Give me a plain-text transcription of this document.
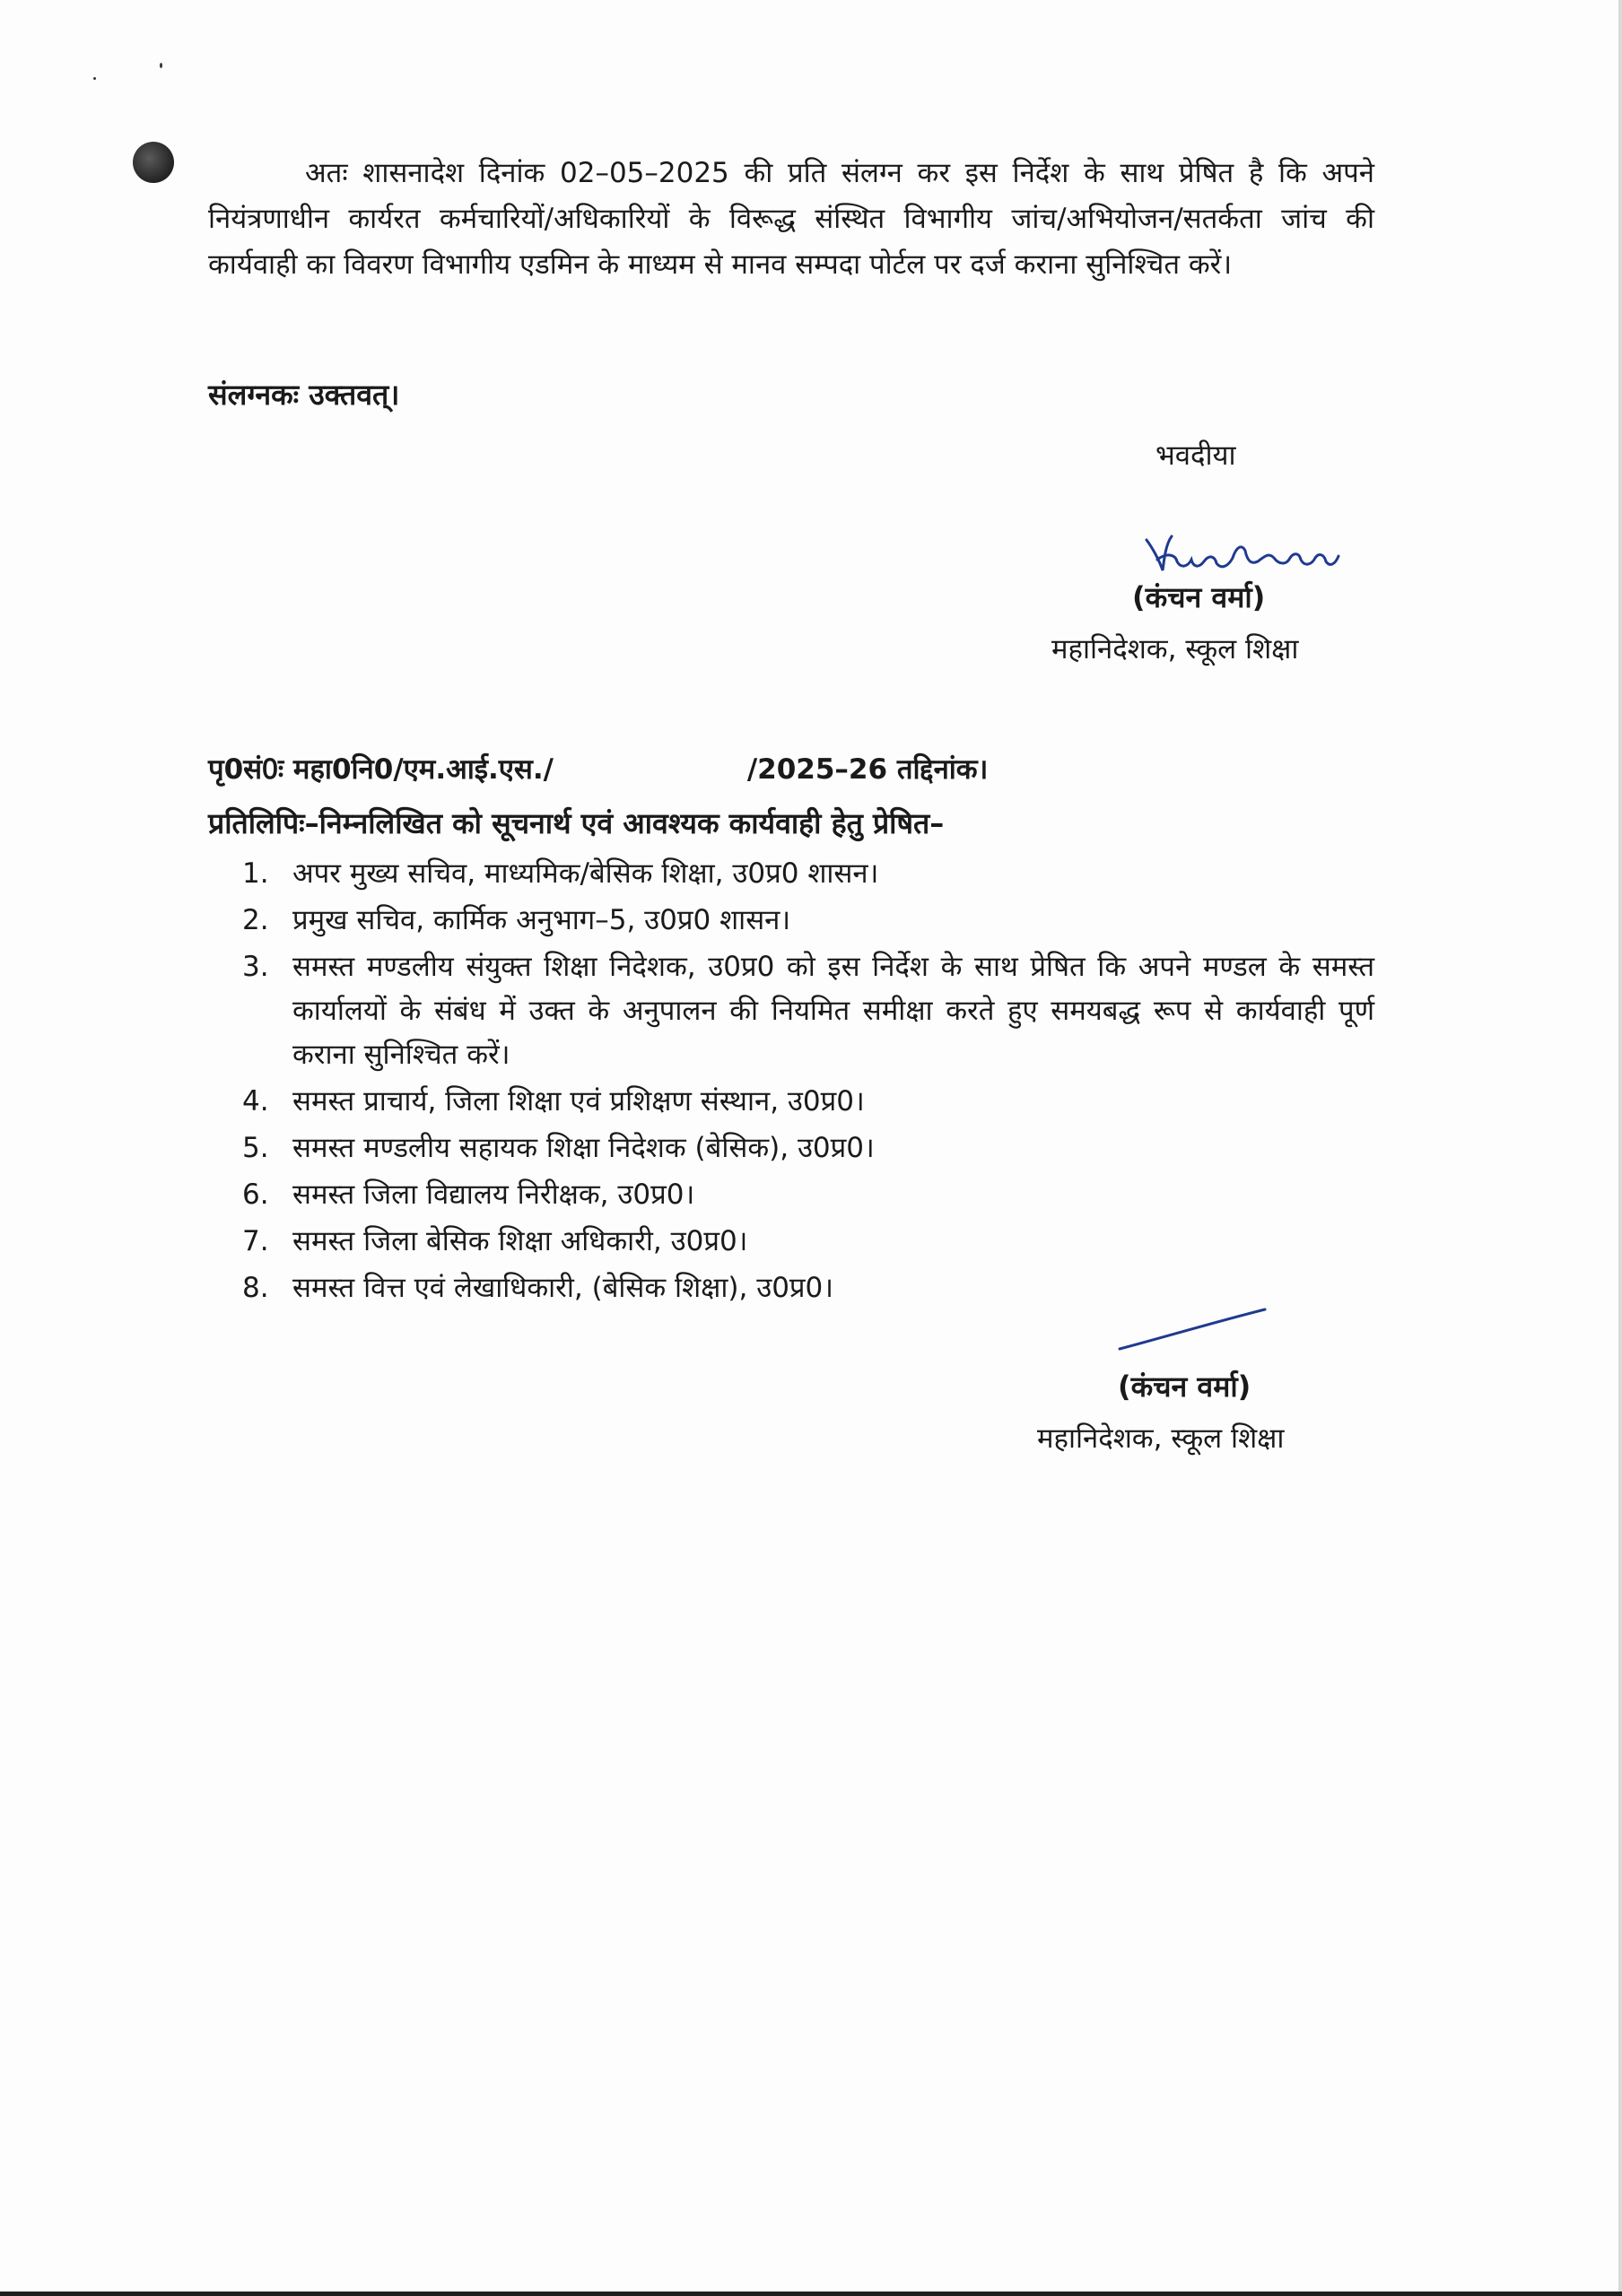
अतः शासनादेश दिनांक 02–05–2025 की प्रति संलग्न कर इस निर्देश के साथ प्रेषित है कि अपने नियंत्रणाधीन कार्यरत कर्मचारियों/अधिकारियों के विरूद्ध संस्थित विभागीय जांच/अभियोजन/सतर्कता जांच की कार्यवाही का विवरण विभागीय एडमिन के माध्यम से मानव सम्पदा पोर्टल पर दर्ज कराना सुनिश्चित करें।

संलग्नकः उक्तवत्।
भवदीया
(कंचन वर्मा)
महानिदेशक, स्कूल शिक्षा
पृ0सं0ः महा0नि0/एम.आई.एस./                    /2025–26 तद्दिनांक।
प्रतिलिपिः–निम्नलिखित को सूचनार्थ एवं आवश्यक कार्यवाही हेतु प्रेषित–
1. अपर मुख्य सचिव, माध्यमिक/बेसिक शिक्षा, उ0प्र0 शासन।
2. प्रमुख सचिव, कार्मिक अनुभाग–5, उ0प्र0 शासन।
3. समस्त मण्डलीय संयुक्त शिक्षा निदेशक, उ0प्र0 को इस निर्देश के साथ प्रेषित कि अपने मण्डल के समस्त कार्यालयों के संबंध में उक्त के अनुपालन की नियमित समीक्षा करते हुए समयबद्ध रूप से कार्यवाही पूर्ण कराना सुनिश्चित करें।
4. समस्त प्राचार्य, जिला शिक्षा एवं प्रशिक्षण संस्थान, उ0प्र0।
5. समस्त मण्डलीय सहायक शिक्षा निदेशक (बेसिक), उ0प्र0।
6. समस्त जिला विद्यालय निरीक्षक, उ0प्र0।
7. समस्त जिला बेसिक शिक्षा अधिकारी, उ0प्र0।
8. समस्त वित्त एवं लेखाधिकारी, (बेसिक शिक्षा), उ0प्र0।
(कंचन वर्मा)
महानिदेशक, स्कूल शिक्षा
